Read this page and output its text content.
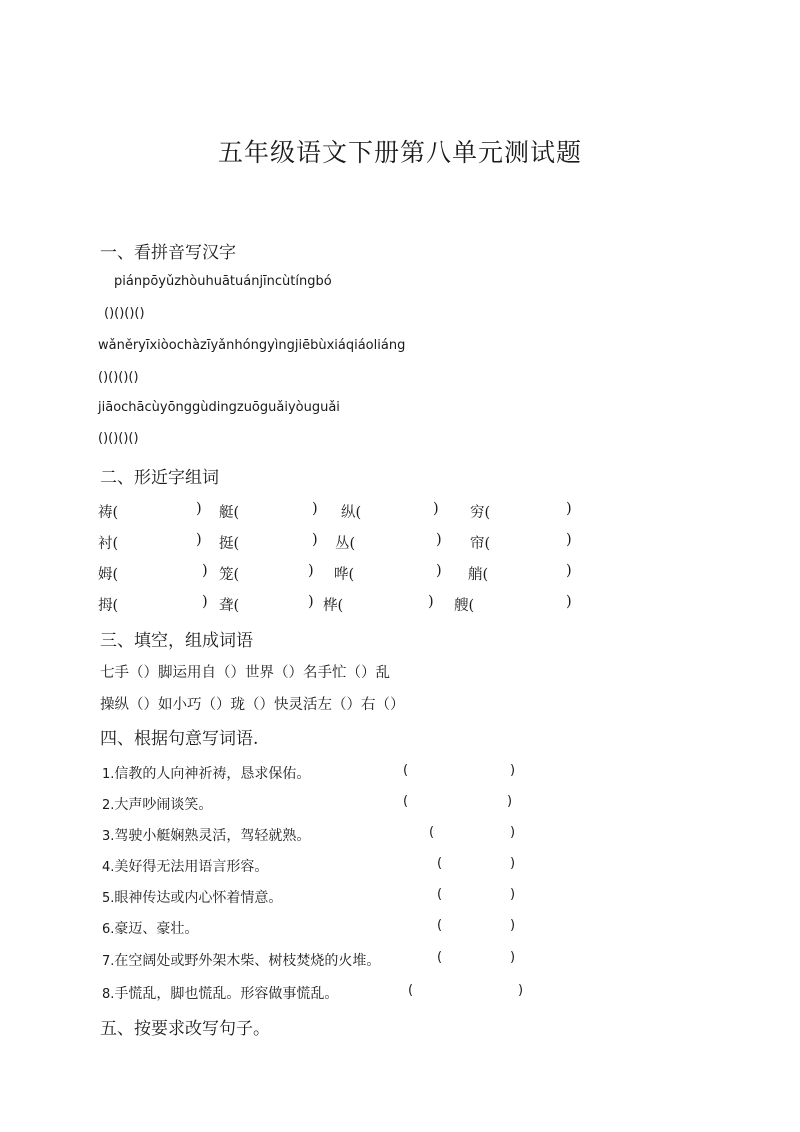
五年级语文下册第八单元测试题
一、看拼音写汉字
piánpōyǔzhòuhuātuánjīncùtíngbó
()()()()
wǎněryīxiòochàzīyǎnhóngyìngjiēbùxiáqiáoliáng
()()()()
jiāochācùyōnggùdingzuōguǎiyòuguǎi
()()()()
二、形近字组词
祷(	) 艇(	) 纵(	) 穷(	)
衬(	) 挺(	) 丛(	) 帘(	)
姆(	) 笼(	) 哗(	) 艄(	)
拇(	) 聋(	) 桦(	) 艘(	)
三、填空，组成词语
七手（）脚运用自（）世界（）名手忙（）乱
操纵（）如小巧（）珑（）快灵活左（）右（）
四、根据句意写词语.
1.信教的人向神祈祷，恳求保佑。	(	)
2.大声吵闹谈笑。	(	)
3.驾驶小艇娴熟灵活，驾轻就熟。	(	)
4.美好得无法用语言形容。	(	)
5.眼神传达或内心怀着情意。	(	)
6.豪迈、豪壮。	(	)
7.在空阔处或野外架木柴、树枝焚烧的火堆。	(	)
8.手慌乱，脚也慌乱。形容做事慌乱。	(	)
五、按要求改写句子。
